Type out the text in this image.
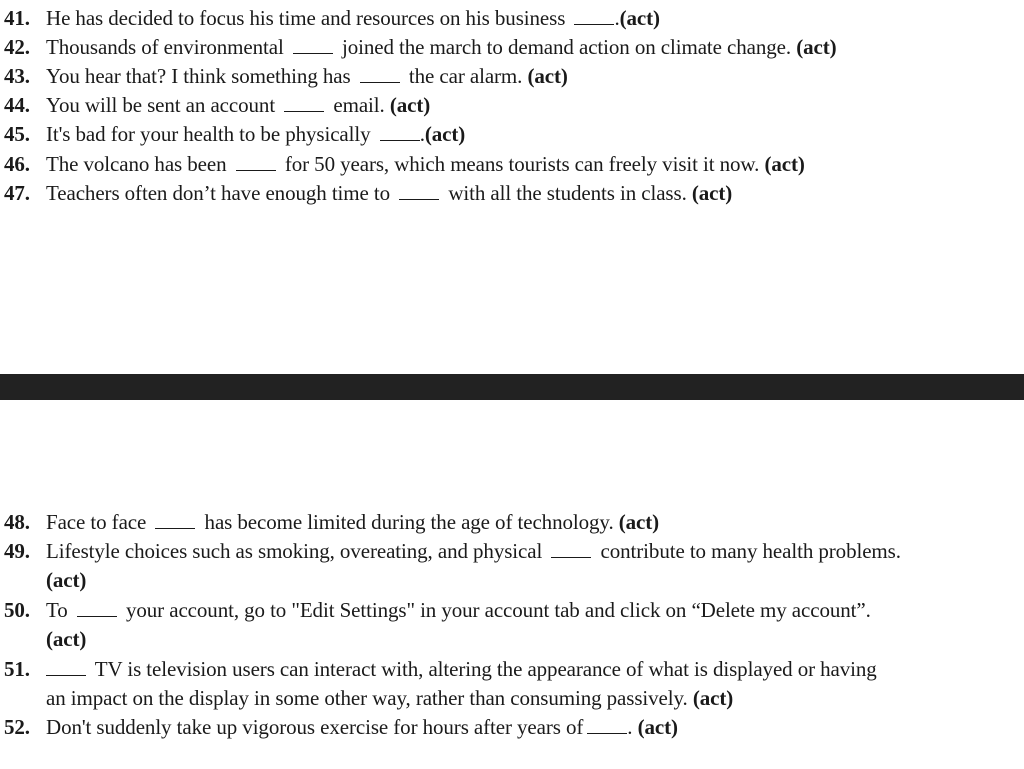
41. He has decided to focus his time and resources on his business .(act)
42. Thousands of environmental	joined the march to demand action on climate change. (act)
43. You hear that? I think something has	the car alarm. (act)
44. You will be sent an account	email. (act)
45. It's bad for your health to be physically .(act)
46. The volcano has been	for 50 years, which means tourists can freely visit it now. (act)
47. Teachers often don’t have enough time to	with all the students in class. (act)
48. Face to face	has become limited during the age of technology. (act)
49. Lifestyle choices such as smoking, overeating, and physical	contribute to many health problems.
(act)
50. To	your account, go to "Edit Settings" in your account tab and click on “Delete my account”.
(act)
51.	TV is television users can interact with, altering the appearance of what is displayed or having
an impact on the display in some other way, rather than consuming passively. (act)
52. Don't suddenly take up vigorous exercise for hours after years of . (act)
